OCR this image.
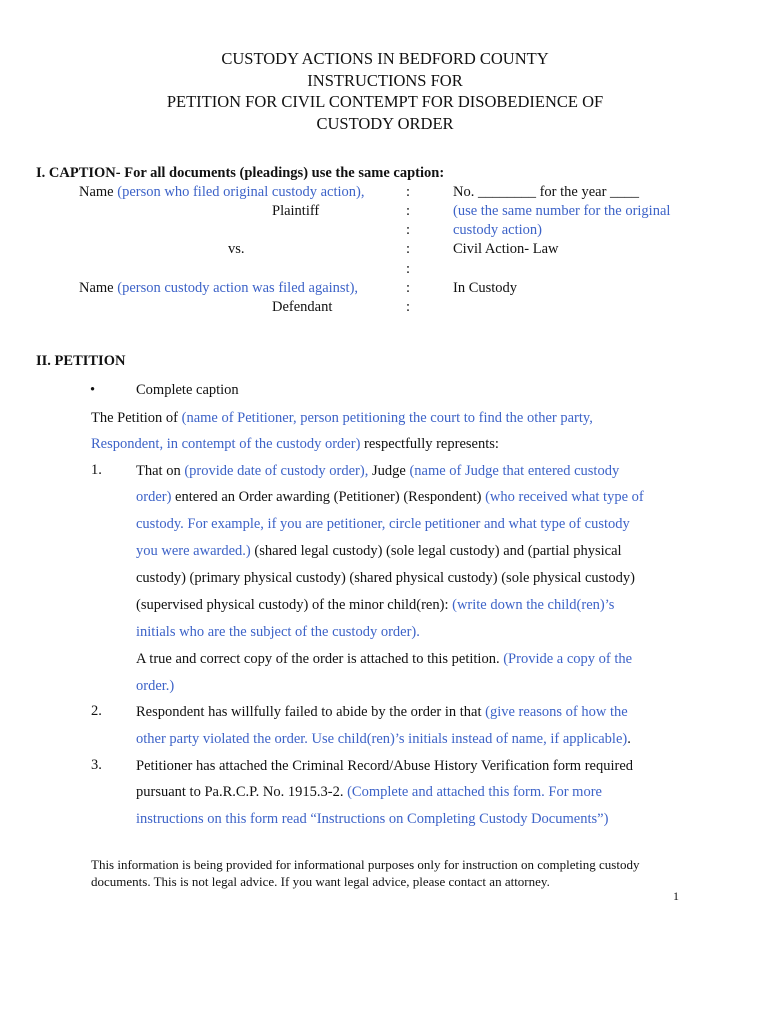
CUSTODY ACTIONS IN BEDFORD COUNTY
INSTRUCTIONS FOR
PETITION FOR CIVIL CONTEMPT FOR DISOBEDIENCE OF
CUSTODY ORDER
I. CAPTION- For all documents (pleadings) use the same caption:
Name (person who filed original custody action),
Plaintiff
vs.
Name (person custody action was filed against),
Defendant
:
:
:
:
:
:
:
No. ________ for the year ____
(use the same number for the original
custody action)
Civil Action- Law
In Custody
II. PETITION
•	Complete caption
The Petition of (name of Petitioner, person petitioning the court to find the other party,
Respondent, in contempt of the custody order) respectfully represents:
1. That on (provide date of custody order), Judge (name of Judge that entered custody
order) entered an Order awarding (Petitioner) (Respondent) (who received what type of
custody. For example, if you are petitioner, circle petitioner and what type of custody
you were awarded.) (shared legal custody) (sole legal custody) and (partial physical
custody) (primary physical custody) (shared physical custody) (sole physical custody)
(supervised physical custody) of the minor child(ren): (write down the child(ren)’s
initials who are the subject of the custody order).
A true and correct copy of the order is attached to this petition. (Provide a copy of the
order.)
2. Respondent has willfully failed to abide by the order in that (give reasons of how the
other party violated the order. Use child(ren)’s initials instead of name, if applicable).
3. Petitioner has attached the Criminal Record/Abuse History Verification form required
pursuant to Pa.R.C.P. No. 1915.3-2. (Complete and attached this form. For more
instructions on this form read “Instructions on Completing Custody Documents”)
This information is being provided for informational purposes only for instruction on completing custody
documents. This is not legal advice. If you want legal advice, please contact an attorney.
1
